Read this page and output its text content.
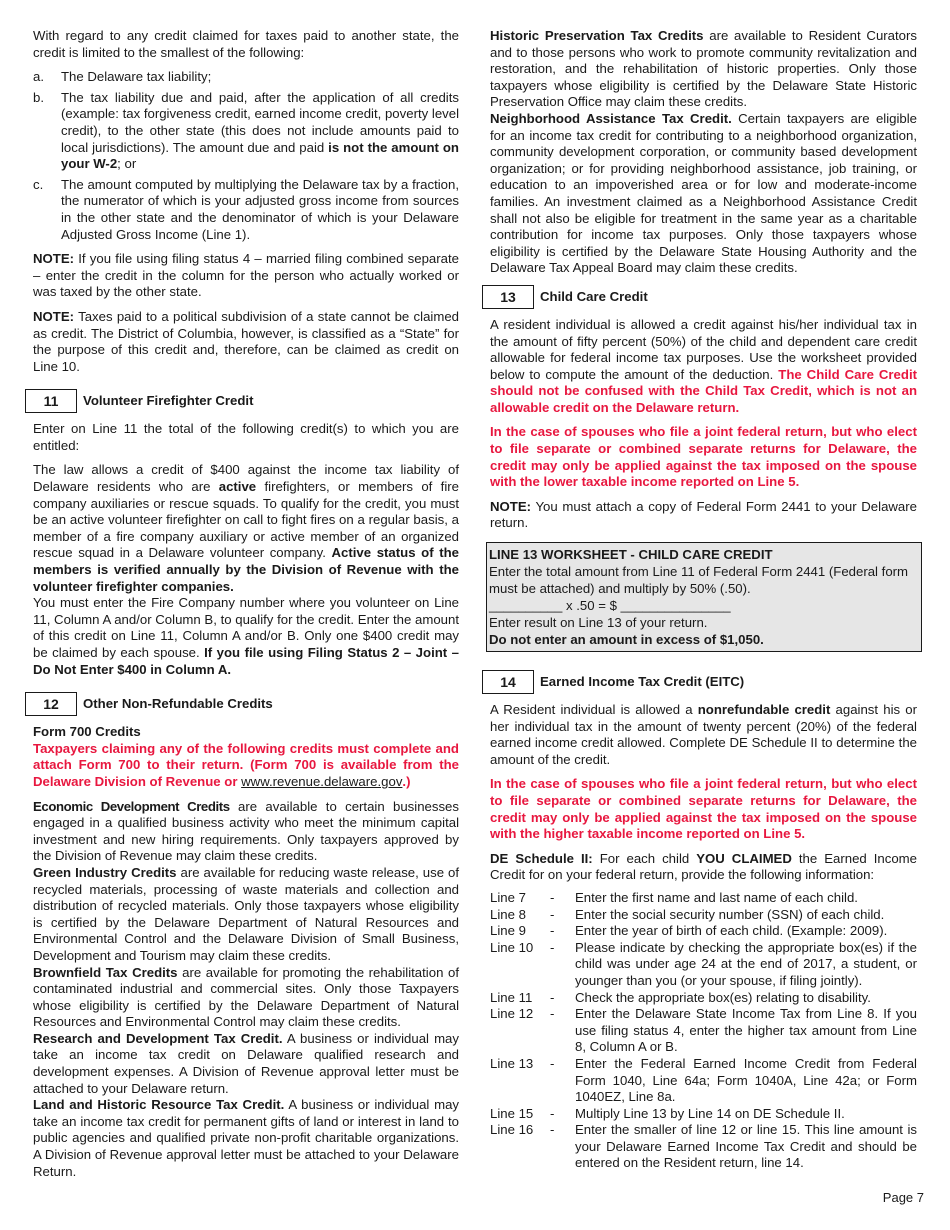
With regard to any credit claimed for taxes paid to another state, the credit is limited to the smallest of the following:

a.	The Delaware tax liability;
b.	The tax liability due and paid, after the application of all credits (example: tax forgiveness credit, earned income credit, poverty level credit), to the other state (this does not include amounts paid to local jurisdictions). The amount due and paid is not the amount on your W-2; or
c.	The amount computed by multiplying the Delaware tax by a fraction, the numerator of which is your adjusted gross income from sources in the other state and the denominator of which is your Delaware Adjusted Gross Income (Line 1).

NOTE: If you file using filing status 4 – married filing combined separate – enter the credit in the column for the person who actually worked or was taxed by the other state.

NOTE: Taxes paid to a political subdivision of a state cannot be claimed as credit. The District of Columbia, however, is classified as a “State” for the purpose of this credit and, therefore, can be claimed as credit on Line 10.

11	Volunteer Firefighter Credit

Enter on Line 11 the total of the following credit(s) to which you are entitled:

The law allows a credit of $400 against the income tax liability of Delaware residents who are active firefighters, or members of fire company auxiliaries or rescue squads. To qualify for the credit, you must be an active volunteer firefighter on call to fight fires on a regular basis, a member of a fire company auxiliary or active member of an organized rescue squad in a Delaware volunteer company. Active status of the members is verified annually by the Division of Revenue with the volunteer firefighter companies.

You must enter the Fire Company number where you volunteer on Line 11, Column A and/or Column B, to qualify for the credit. Enter the amount of this credit on Line 11, Column A and/or B. Only one $400 credit may be claimed by each spouse. If you file using Filing Status 2 – Joint – Do Not Enter $400 in Column A.

12	Other Non-Refundable Credits

Form 700 Credits

Taxpayers claiming any of the following credits must complete and attach Form 700 to their return. (Form 700 is available from the Delaware Division of Revenue or www.revenue.delaware.gov.)

Economic Development Credits are available to certain businesses engaged in a qualified business activity who meet the minimum capital investment and new hiring requirements. Only taxpayers approved by the Division of Revenue may claim these credits.

Green Industry Credits are available for reducing waste release, use of recycled materials, processing of waste materials and collection and distribution of recycled materials. Only those taxpayers whose eligibility is certified by the Delaware Department of Natural Resources and Environmental Control and the Delaware Division of Small Business, Development and Tourism may claim these credits.

Brownfield Tax Credits are available for promoting the rehabilitation of contaminated industrial and commercial sites. Only those Taxpayers whose eligibility is certified by the Delaware Department of Natural Resources and Environmental Control may claim these credits.

Research and Development Tax Credit. A business or individual may take an income tax credit on Delaware qualified research and development expenses. A Division of Revenue approval letter must be attached to your Delaware return.

Land and Historic Resource Tax Credit. A business or individual may take an income tax credit for permanent gifts of land or interest in land to public agencies and qualified private non-profit charitable organizations. A Division of Revenue approval letter must be attached to your Delaware Return.

Historic Preservation Tax Credits are available to Resident Curators and to those persons who work to promote community revitalization and restoration, and the rehabilitation of historic properties. Only those taxpayers whose eligibility is certified by the Delaware State Historic Preservation Office may claim these credits.

Neighborhood Assistance Tax Credit. Certain taxpayers are eligible for an income tax credit for contributing to a neighborhood organization, community development corporation, or community based development organization; or for providing neighborhood assistance, job training, or education to an impoverished area or for low and moderate-income families. An investment claimed as a Neighborhood Assistance Credit shall not also be eligible for treatment in the same year as a charitable contribution for income tax purposes. Only those taxpayers whose eligibility is certified by the Delaware State Housing Authority and the Delaware Tax Appeal Board may claim these credits.

13	Child Care Credit

A resident individual is allowed a credit against his/her individual tax in the amount of fifty percent (50%) of the child and dependent care credit allowable for federal income tax purposes. Use the worksheet provided below to compute the amount of the deduction. The Child Care Credit should not be confused with the Child Tax Credit, which is not an allowable credit on the Delaware return.

In the case of spouses who file a joint federal return, but who elect to file separate or combined separate returns for Delaware, the credit may only be applied against the tax imposed on the spouse with the lower taxable income reported on Line 5.

NOTE: You must attach a copy of Federal Form 2441 to your Delaware return.

LINE 13 WORKSHEET - CHILD CARE CREDIT
Enter the total amount from Line 11 of Federal Form 2441 (Federal form must be attached) and multiply by 50% (.50).
__________ x .50 = $ _______________
Enter result on Line 13 of your return.
Do not enter an amount in excess of $1,050.
14	Earned Income Tax Credit (EITC)

A Resident individual is allowed a nonrefundable credit against his or her individual tax in the amount of twenty percent (20%) of the federal earned income credit allowed. Complete DE Schedule II to determine the amount of the credit.

In the case of spouses who file a joint federal return, but who elect to file separate or combined separate returns for Delaware, the credit may only be applied against the tax imposed on the spouse with the higher taxable income reported on Line 5.

DE Schedule II: For each child YOU CLAIMED the Earned Income Credit for on your federal return, provide the following information:

Line 7	-	Enter the first name and last name of each child.
Line 8	-	Enter the social security number (SSN) of each child.
Line 9	-	Enter the year of birth of each child. (Example: 2009).
Line 10	-	Please indicate by checking the appropriate box(es) if the child was under age 24 at the end of 2017, a student, or younger than you (or your spouse, if filing jointly).
Line 11	-	Check the appropriate box(es) relating to disability.
Line 12	-	Enter the Delaware State Income Tax from Line 8. If you use filing status 4, enter the higher tax amount from Line 8, Column A or B.
Line 13	-	Enter the Federal Earned Income Credit from Federal Form 1040, Line 64a; Form 1040A, Line 42a; or Form 1040EZ, Line 8a.
Line 15	-	Multiply Line 13 by Line 14 on DE Schedule II.
Line 16	-	Enter the smaller of line 12 or line 15. This line amount is your Delaware Earned Income Tax Credit and should be entered on the Resident return, line 14.
Page 7
